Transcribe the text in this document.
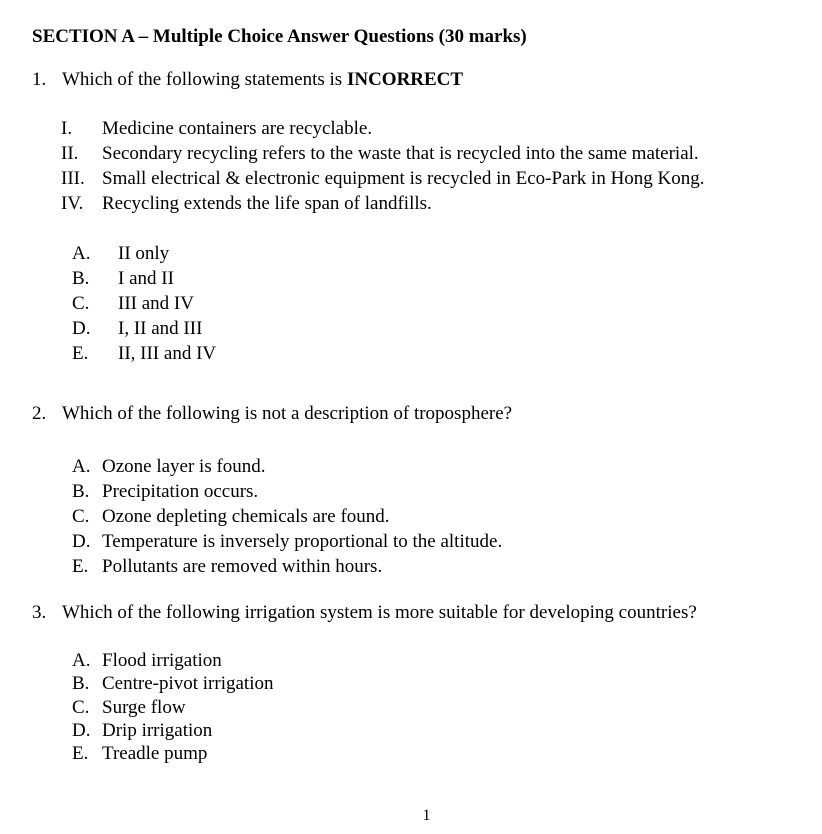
SECTION A – Multiple Choice Answer Questions (30 marks)
1. Which of the following statements is INCORRECT
I. Medicine containers are recyclable.
II. Secondary recycling refers to the waste that is recycled into the same material.
III. Small electrical & electronic equipment is recycled in Eco-Park in Hong Kong.
IV. Recycling extends the life span of landfills.
A. II only
B. I and II
C. III and IV
D. I, II and III
E. II, III and IV
2. Which of the following is not a description of troposphere?
A. Ozone layer is found.
B. Precipitation occurs.
C. Ozone depleting chemicals are found.
D. Temperature is inversely proportional to the altitude.
E. Pollutants are removed within hours.
3. Which of the following irrigation system is more suitable for developing countries?
A. Flood irrigation
B. Centre-pivot irrigation
C. Surge flow
D. Drip irrigation
E. Treadle pump
1
